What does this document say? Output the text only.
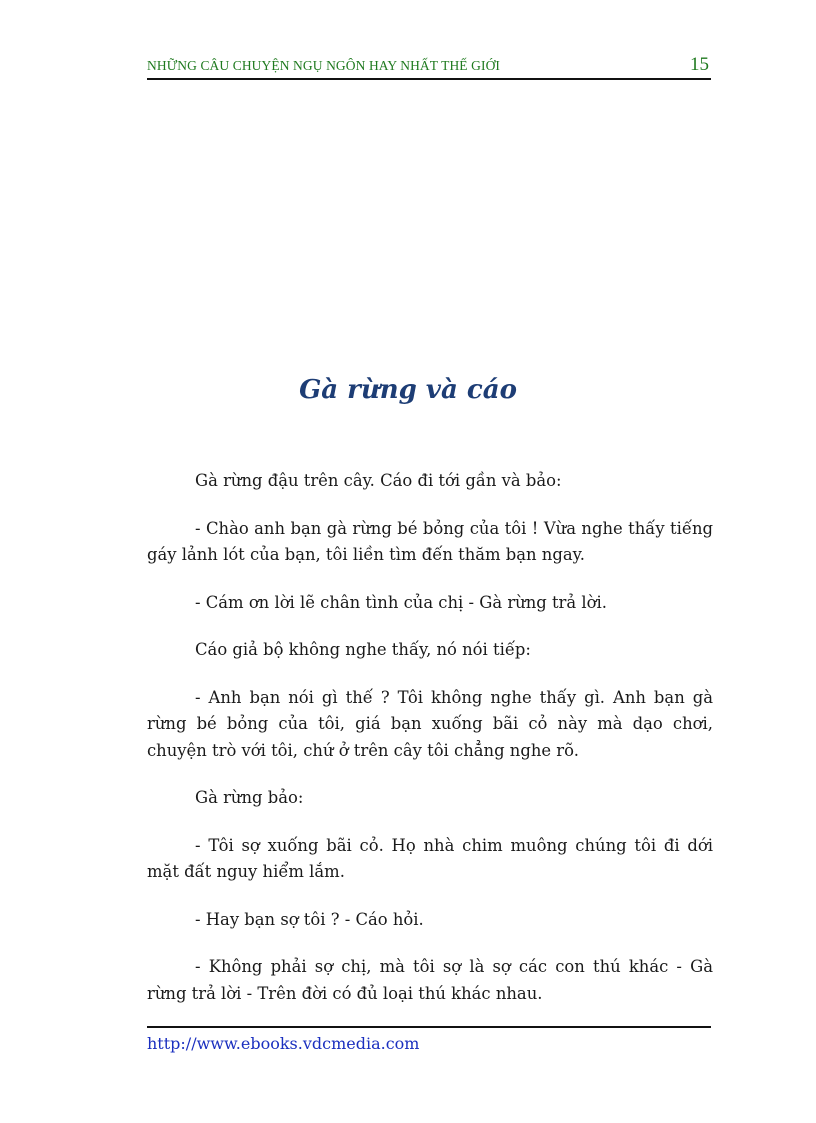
NHỮNG CÂU CHUYỆN NGỤ NGÔN HAY NHẤT THẾ GIỚI	15
Gà rừng và cáo

Gà rừng đậu trên cây. Cáo đi tới gần và bảo:

- Chào anh bạn gà rừng bé bỏng của tôi ! Vừa nghe thấy tiếng gáy lảnh lót của bạn, tôi liền tìm đến thăm bạn ngay.

- Cám ơn lời lẽ chân tình của chị - Gà rừng trả lời.

Cáo giả bộ không nghe thấy, nó nói tiếp:

- Anh bạn nói gì thế ? Tôi không nghe thấy gì. Anh bạn gà rừng bé bỏng của tôi, giá bạn xuống bãi cỏ này mà dạo chơi, chuyện trò với tôi, chứ ở trên cây tôi chẳng nghe rõ.

Gà rừng bảo:

- Tôi sợ xuống bãi cỏ. Họ nhà chim muông chúng tôi đi dới mặt đất nguy hiểm lắm.

- Hay bạn sợ tôi ? - Cáo hỏi.

- Không phải sợ chị, mà tôi sợ là sợ các con thú khác - Gà rừng trả lời - Trên đời có đủ loại thú khác nhau.

http://www.ebooks.vdcmedia.com
